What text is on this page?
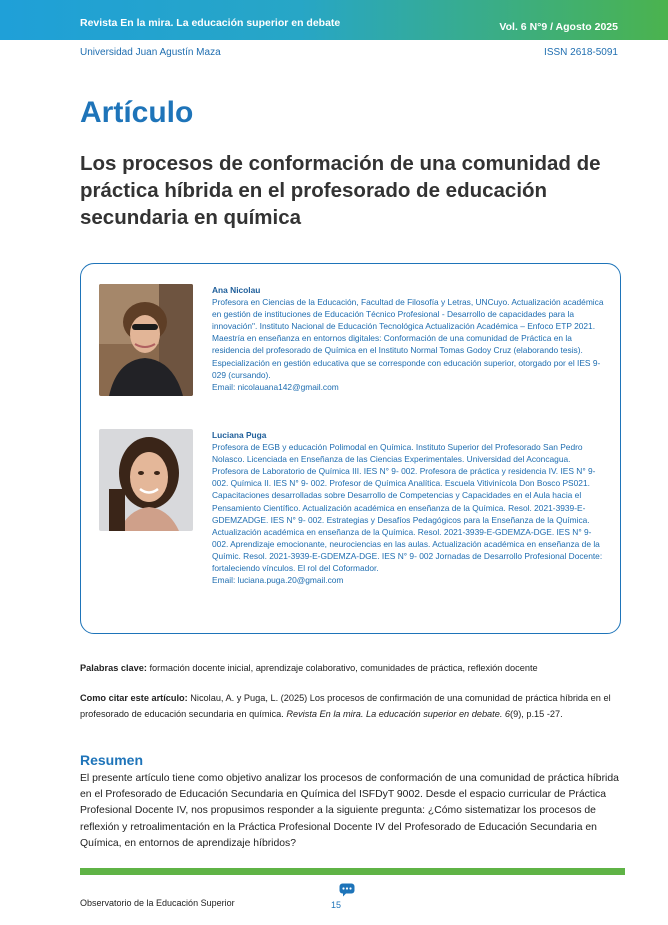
Revista En la mira. La educación superior en debate	Vol. 6 N°9 / Agosto 2025
Universidad Juan Agustín Maza	ISSN 2618-5091
Artículo
Los procesos de conformación de una comunidad de práctica híbrida en el profesorado de educación secundaria en química
Ana Nicolau
Profesora en Ciencias de la Educación, Facultad de Filosofía y Letras, UNCuyo. Actualización académica en gestión de instituciones de Educación Técnico Profesional - Desarrollo de capacidades para la innovación". Instituto Nacional de Educación Tecnológica Actualización Académica – Enfoco ETP 2021. Maestría en enseñanza en entornos digitales: Conformación de una comunidad de Práctica en la residencia del profesorado de Química en el Instituto Normal Tomas Godoy Cruz (elaborando tesis). Especialización en gestión educativa que se corresponde con educación superior, otorgado por el IES 9-029 (cursando).
Email: nicolauana142@gmail.com
Luciana Puga
Profesora de EGB y educación Polimodal en Química. Instituto Superior del Profesorado San Pedro Nolasco. Licenciada en Enseñanza de las Ciencias Experimentales. Universidad del Aconcagua. Profesora de Laboratorio de Química III. IES N° 9- 002. Profesora de práctica y residencia IV. IES N° 9- 002. Química II. IES N° 9- 002. Profesor de Química Analítica. Escuela Vitivinícola Don Bosco PS021. Capacitaciones desarrolladas sobre Desarrollo de Competencias y Capacidades en el Aula hacia el Pensamiento Científico. Actualización académica en enseñanza de la Química. Resol. 2021-3939-E-GDEMZADGE. IES N° 9- 002. Estrategias y Desafíos Pedagógicos para la Enseñanza de la Química. Actualización académica en enseñanza de la Química. Resol. 2021-3939-E-GDEMZA-DGE. IES N° 9-002. Aprendizaje emocionante, neurociencias en las aulas. Actualización académica en enseñanza de la Químic. Resol. 2021-3939-E-GDEMZA-DGE. IES N° 9- 002 Jornadas de Desarrollo Profesional Docente: fortaleciendo vínculos. El rol del Coformador.
Email: luciana.puga.20@gmail.com
Palabras clave: formación docente inicial, aprendizaje colaborativo, comunidades de práctica, reflexión docente
Como citar este artículo: Nicolau, A. y Puga, L. (2025) Los procesos de confirmación de una comunidad de práctica híbrida en el profesorado de educación secundaria en química. Revista En la mira. La educación superior en debate. 6(9), p.15 -27.
Resumen
El presente artículo tiene como objetivo analizar los procesos de conformación de una comunidad de práctica híbrida en el Profesorado de Educación Secundaria en Química del ISFDyT 9002. Desde el espacio curricular de Práctica Profesional Docente IV, nos propusimos responder a la siguiente pregunta: ¿Cómo sistematizar los procesos de reflexión y retroalimentación en la Práctica Profesional Docente IV del Profesorado de Educación Secundaria en Química, en entornos de aprendizaje híbridos?
Observatorio de la Educación Superior	15
